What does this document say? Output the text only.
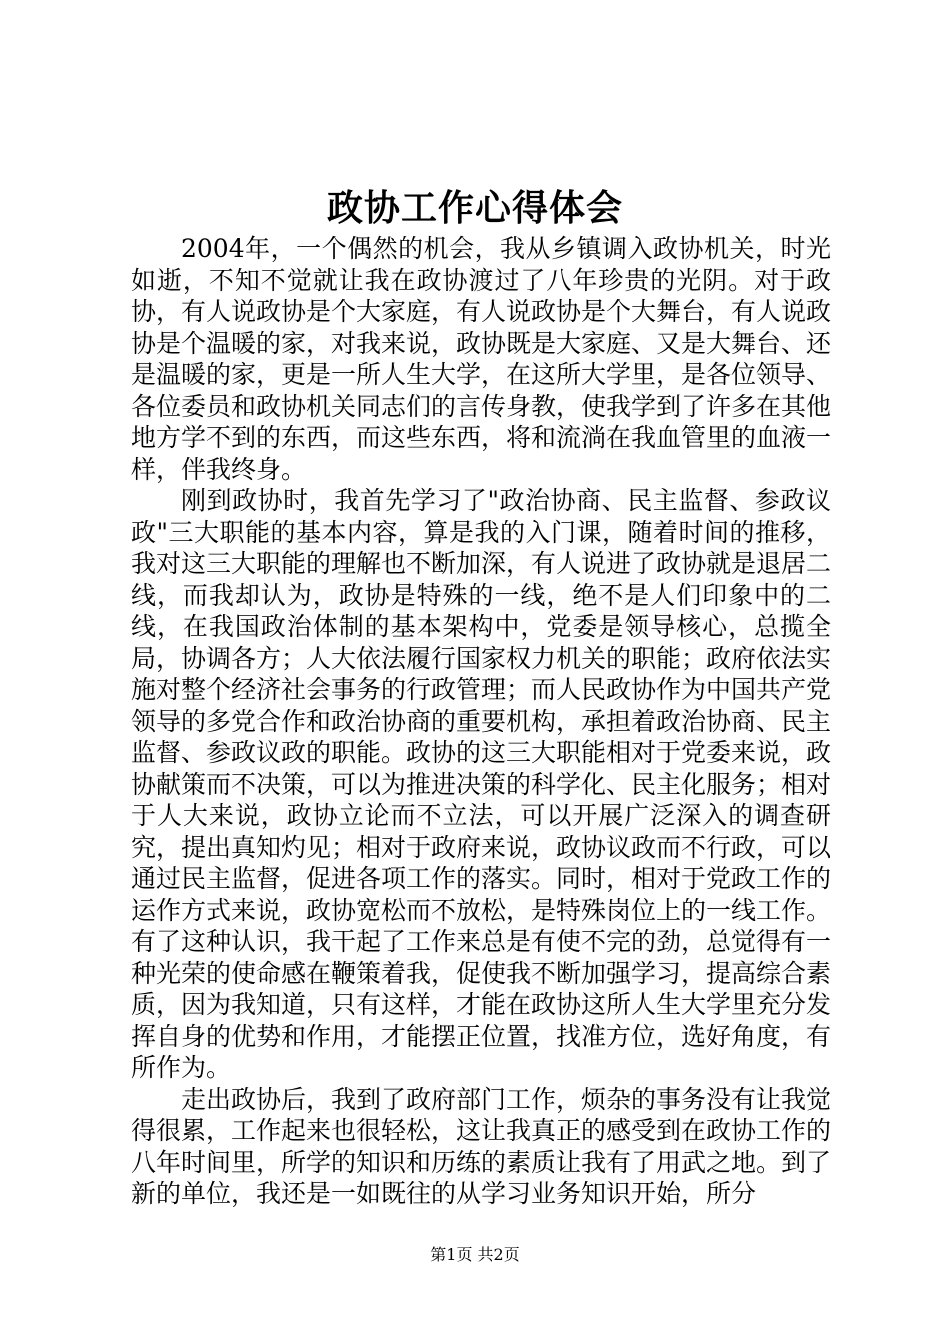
政协工作心得体会

2004年，一个偶然的机会，我从乡镇调入政协机关，时光如逝，不知不觉就让我在政协渡过了八年珍贵的光阴。对于政协，有人说政协是个大家庭，有人说政协是个大舞台，有人说政协是个温暖的家，对我来说，政协既是大家庭、又是大舞台、还是温暖的家，更是一所人生大学，在这所大学里，是各位领导、各位委员和政协机关同志们的言传身教，使我学到了许多在其他地方学不到的东西，而这些东西，将和流淌在我血管里的血液一样，伴我终身。

刚到政协时，我首先学习了"政治协商、民主监督、参政议政"三大职能的基本内容，算是我的入门课，随着时间的推移，我对这三大职能的理解也不断加深，有人说进了政协就是退居二线，而我却认为，政协是特殊的一线，绝不是人们印象中的二线，在我国政治体制的基本架构中，党委是领导核心，总揽全局，协调各方；人大依法履行国家权力机关的职能；政府依法实施对整个经济社会事务的行政管理；而人民政协作为中国共产党领导的多党合作和政治协商的重要机构，承担着政治协商、民主监督、参政议政的职能。政协的这三大职能相对于党委来说，政协献策而不决策，可以为推进决策的科学化、民主化服务；相对于人大来说，政协立论而不立法，可以开展广泛深入的调查研究，提出真知灼见；相对于政府来说，政协议政而不行政，可以通过民主监督，促进各项工作的落实。同时，相对于党政工作的运作方式来说，政协宽松而不放松，是特殊岗位上的一线工作。有了这种认识，我干起了工作来总是有使不完的劲，总觉得有一种光荣的使命感在鞭策着我，促使我不断加强学习，提高综合素质，因为我知道，只有这样，才能在政协这所人生大学里充分发挥自身的优势和作用，才能摆正位置，找准方位，选好角度，有所作为。

走出政协后，我到了政府部门工作，烦杂的事务没有让我觉得很累，工作起来也很轻松，这让我真正的感受到在政协工作的八年时间里，所学的知识和历练的素质让我有了用武之地。到了新的单位，我还是一如既往的从学习业务知识开始，所分

第1页 共2页
